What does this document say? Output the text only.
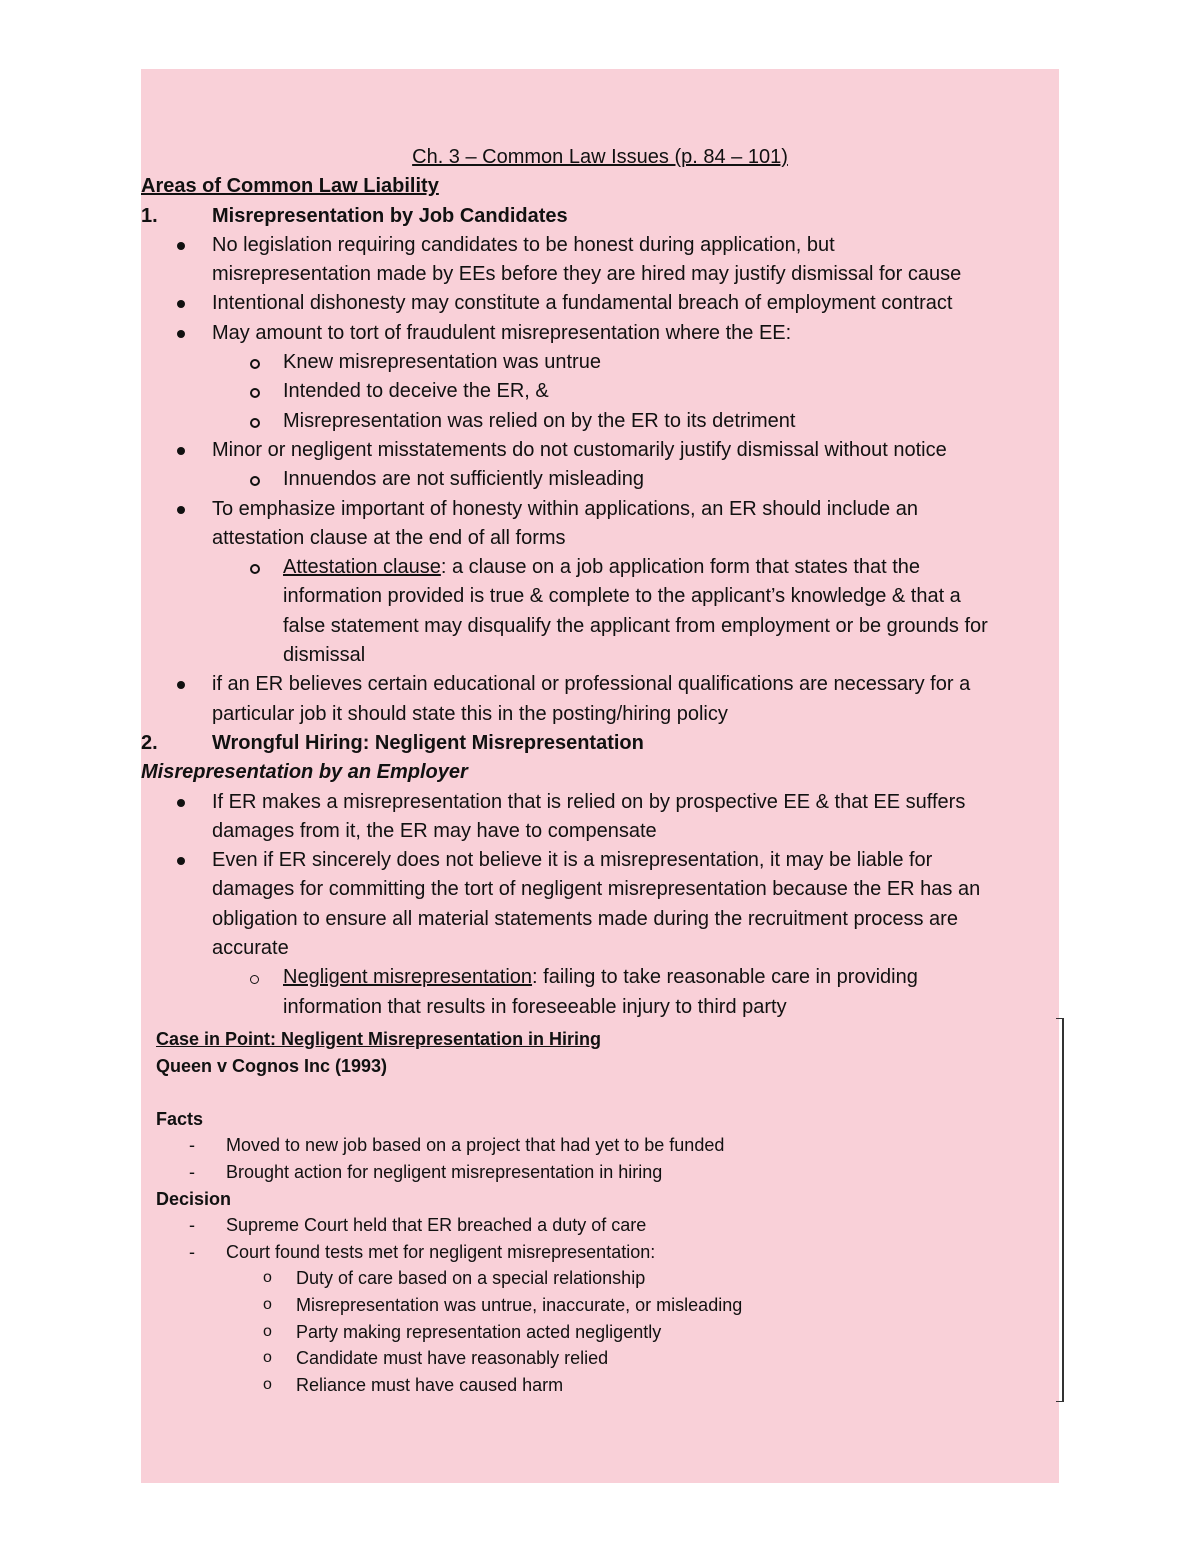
Ch. 3 – Common Law Issues (p. 84 – 101)
Areas of Common Law Liability
1.	Misrepresentation by Job Candidates
No legislation requiring candidates to be honest during application, but
misrepresentation made by EEs before they are hired may justify dismissal for cause
Intentional dishonesty may constitute a fundamental breach of employment contract
May amount to tort of fraudulent misrepresentation where the EE:
Knew misrepresentation was untrue
Intended to deceive the ER, &
Misrepresentation was relied on by the ER to its detriment
Minor or negligent misstatements do not customarily justify dismissal without notice
Innuendos are not sufficiently misleading
To emphasize important of honesty within applications, an ER should include an
attestation clause at the end of all forms
Attestation clause: a clause on a job application form that states that the
information provided is true & complete to the applicant’s knowledge & that a
false statement may disqualify the applicant from employment or be grounds for
dismissal
if an ER believes certain educational or professional qualifications are necessary for a
particular job it should state this in the posting/hiring policy
2.	Wrongful Hiring: Negligent Misrepresentation
Misrepresentation by an Employer
If ER makes a misrepresentation that is relied on by prospective EE & that EE suffers
damages from it, the ER may have to compensate
Even if ER sincerely does not believe it is a misrepresentation, it may be liable for
damages for committing the tort of negligent misrepresentation because the ER has an
obligation to ensure all material statements made during the recruitment process are
accurate
Negligent misrepresentation: failing to take reasonable care in providing
information that results in foreseeable injury to third party
Case in Point: Negligent Misrepresentation in Hiring
Queen v Cognos Inc (1993)

Facts
- Moved to new job based on a project that had yet to be funded
- Brought action for negligent misrepresentation in hiring
Decision
- Supreme Court held that ER breached a duty of care
- Court found tests met for negligent misrepresentation:
o Duty of care based on a special relationship
o Misrepresentation was untrue, inaccurate, or misleading
o Party making representation acted negligently
o Candidate must have reasonably relied
o Reliance must have caused harm
